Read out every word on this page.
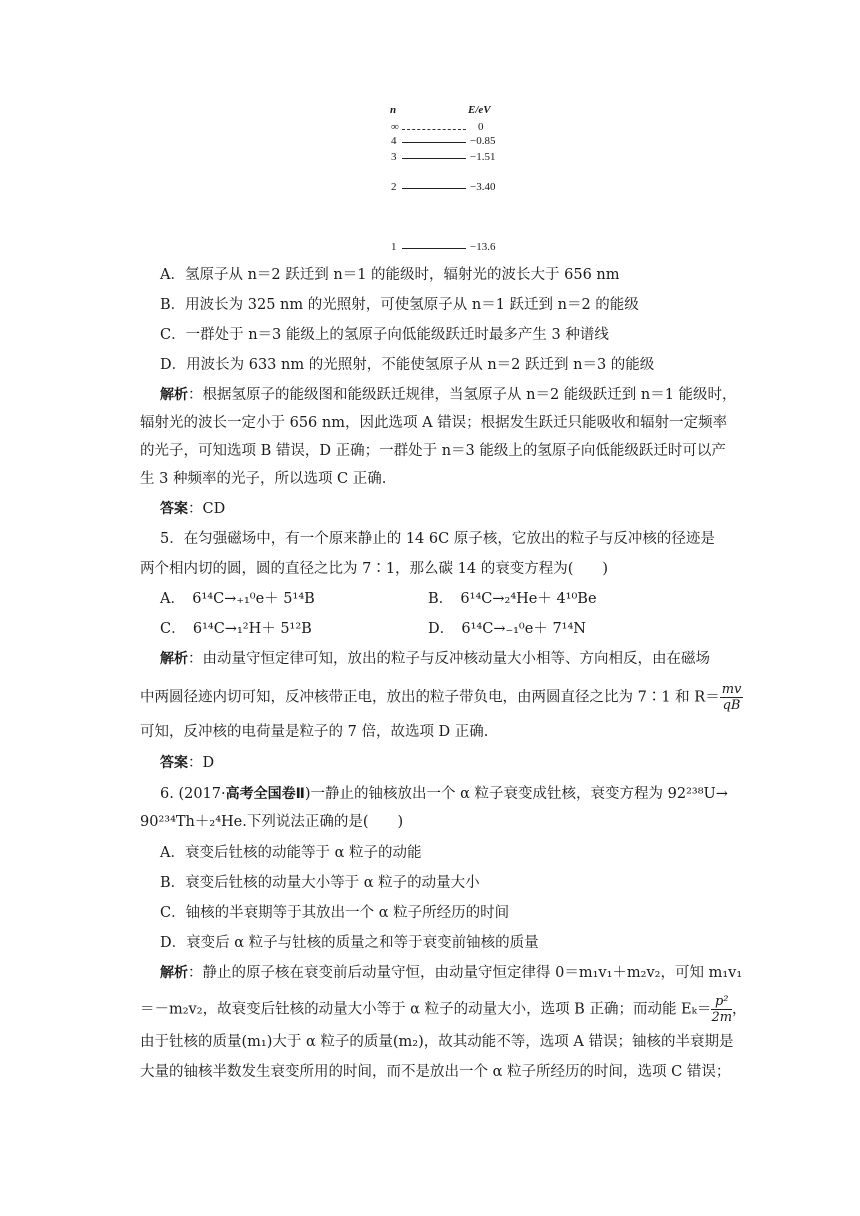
n	E/eV
∞	0
4	−0.85
3	−1.51
2	−3.40
1	−13.6
A．氢原子从 n＝2 跃迁到 n＝1 的能级时，辐射光的波长大于 656 nm
B．用波长为 325 nm 的光照射，可使氢原子从 n＝1 跃迁到 n＝2 的能级
C．一群处于 n＝3 能级上的氢原子向低能级跃迁时最多产生 3 种谱线
D．用波长为 633 nm 的光照射，不能使氢原子从 n＝2 跃迁到 n＝3 的能级
解析：根据氢原子的能级图和能级跃迁规律，当氢原子从 n＝2 能级跃迁到 n＝1 能级时，
辐射光的波长一定小于 656 nm，因此选项 A 错误；根据发生跃迁只能吸收和辐射一定频率
的光子，可知选项 B 错误，D 正确；一群处于 n＝3 能级上的氢原子向低能级跃迁时可以产
生 3 种频率的光子，所以选项 C 正确.
答案：CD
5．在匀强磁场中，有一个原来静止的 14 6C 原子核，它放出的粒子与反冲核的径迹是
两个相内切的圆，圆的直径之比为 7∶1，那么碳 14 的衰变方程为(　　)
A．　6¹⁴C→₊₁⁰e＋ 5¹⁴B	B．　6¹⁴C→₂⁴He＋ 4¹⁰Be
C．　6¹⁴C→₁²H＋ 5¹²B	D．　6¹⁴C→₋₁⁰e＋ 7¹⁴N
解析：由动量守恒定律可知，放出的粒子与反冲核动量大小相等、方向相反，由在磁场
中两圆径迹内切可知，反冲核带正电，放出的粒子带负电，由两圆直径之比为 7∶1 和 $R= \frac{mv}{qB}$
可知，反冲核的电荷量是粒子的 7 倍，故选项 D 正确.
答案：D
6. (2017·高考全国卷Ⅱ)一静止的铀核放出一个 α 粒子衰变成钍核，衰变方程为 92²³⁸U→
90²³⁴Th＋₂⁴He.下列说法正确的是(　　)
A．衰变后钍核的动能等于 α 粒子的动能
B．衰变后钍核的动量大小等于 α 粒子的动量大小
C．铀核的半衰期等于其放出一个 α 粒子所经历的时间
D．衰变后 α 粒子与钍核的质量之和等于衰变前铀核的质量
解析：静止的原子核在衰变前后动量守恒，由动量守恒定律得 0＝m₁v₁＋m₂v₂，可知 m₁v₁
＝－m₂v₂，故衰变后钍核的动量大小等于 α 粒子的动量大小，选项 B 正确；而动能 $E_k= \frac{\text{p²}}{2m}$ ，
由于钍核的质量(m₁)大于 α 粒子的质量(m₂)，故其动能不等，选项 A 错误；铀核的半衰期是
大量的铀核半数发生衰变所用的时间，而不是放出一个 α 粒子所经历的时间，选项 C 错误；
